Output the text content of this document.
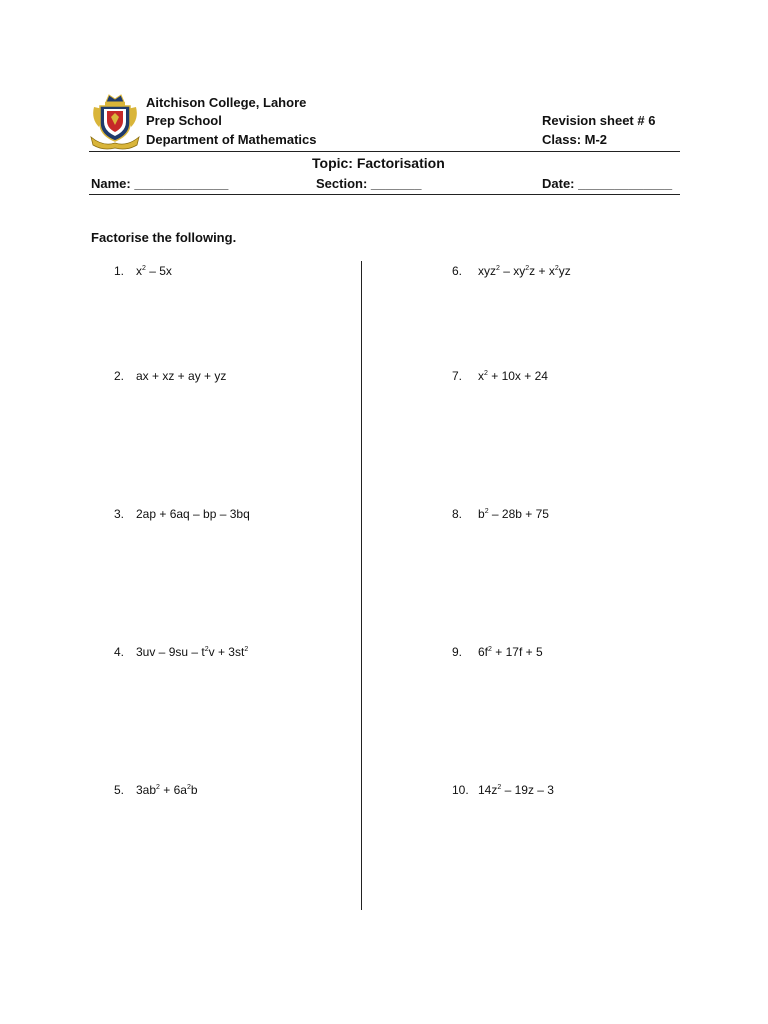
Aitchison College, Lahore
Prep School
Department of Mathematics
Revision sheet # 6
Class: M-2
Topic: Factorisation
Name: _____________	Section: _______	Date: _____________
Factorise the following.
1. $x^2 - 5x$
2. ax + xz + ay + yz
3. 2ap + 6aq – bp – 3bq
4. $3uv - 9su - t^2v + 3st^2$
5. $3ab^2 + 6a^2b$
6. $xyz^2 - xy^2z + x^2yz$
7. $x^2 + 10x + 24$
8. $b^2 - 28b + 75$
9. $6f^2 + 17f + 5$
10. $14z^2 - 19z - 3$
